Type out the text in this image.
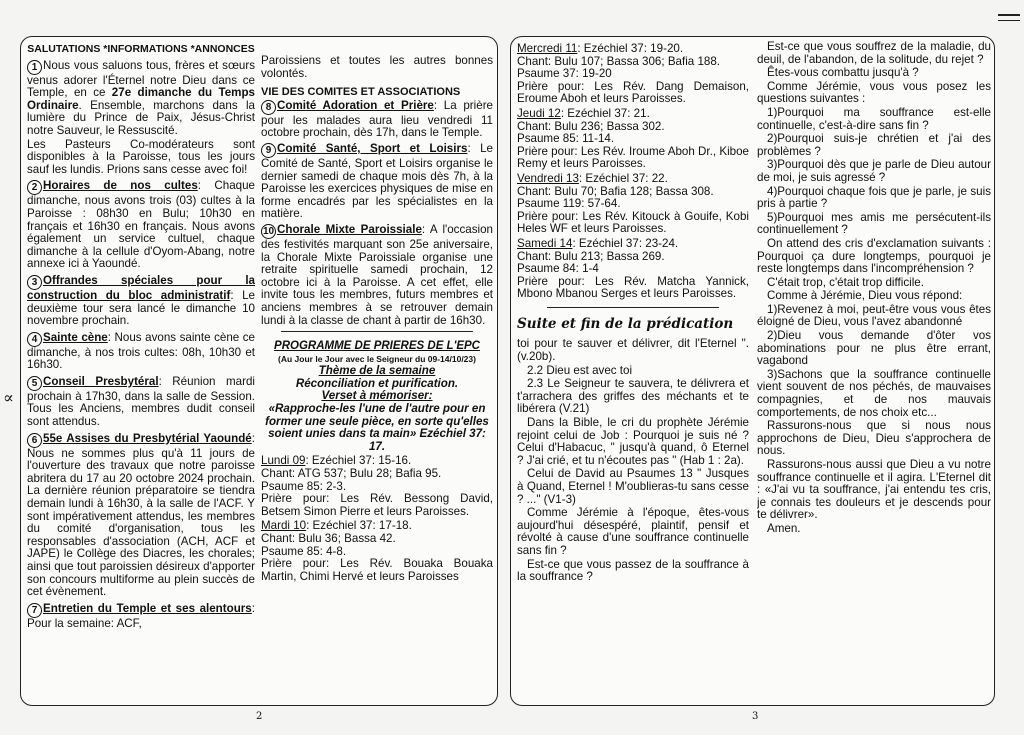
∝
SALUTATIONS *INFORMATIONS *ANNONCES

1 Nous vous saluons tous, frères et sœurs venus adorer l'Éternel notre Dieu dans ce Temple, en ce 27e dimanche du Temps Ordinaire. Ensemble, marchons dans la lumière du Prince de Paix, Jésus-Christ notre Sauveur, le Ressuscité.

Les Pasteurs Co-modérateurs sont disponibles à la Paroisse, tous les jours sauf les lundis. Prions sans cesse avec foi!

2 Horaires de nos cultes: Chaque dimanche, nous avons trois (03) cultes à la Paroisse : 08h30 en Bulu; 10h30 en français et 16h30 en français. Nous avons également un service cultuel, chaque dimanche à la cellule d'Oyom-Abang, notre annexe ici à Yaoundé.

3 Offrandes spéciales pour la construction du bloc administratif: Le deuxième tour sera lancé le dimanche 10 novembre prochain.

4 Sainte cène: Nous avons sainte cène ce dimanche, à nos trois cultes: 08h, 10h30 et 16h30.

5 Conseil Presbytéral: Réunion mardi prochain à 17h30, dans la salle de Session. Tous les Anciens, membres dudit conseil sont attendus.

6 55e Assises du Presbytérial Yaoundé: Nous ne sommes plus qu'à 11 jours de l'ouverture des travaux que notre paroisse abritera du 17 au 20 octobre 2024 prochain. La dernière réunion préparatoire se tiendra demain lundi à 16h30, à la salle de l'ACF. Y sont impérativement attendus, les membres du comité d'organisation, tous les responsables d'association (ACH, ACF et JAPE) le Collège des Diacres, les chorales; ainsi que tout paroissien désireux d'apporter son concours multiforme au plein succès de cet évènement.

7 Entretien du Temple et ses alentours: Pour la semaine: ACF,

Paroissiens et toutes les autres bonnes volontés.

VIE DES COMITES ET ASSOCIATIONS

8 Comité Adoration et Prière: La prière pour les malades aura lieu vendredi 11 octobre prochain, dès 17h, dans le Temple.

9 Comité Santé, Sport et Loisirs: Le Comité de Santé, Sport et Loisirs organise le dernier samedi de chaque mois dès 7h, à la Paroisse les exercices physiques de mise en forme encadrés par les spécialistes en la matière.

10 Chorale Mixte Paroissiale: A l'occasion des festivités marquant son 25e aniversaire, la Chorale Mixte Paroissiale organise une retraite spirituelle samedi prochain, 12 octobre ici à la Paroisse. A cet effet, elle invite tous les membres, futurs membres et anciens membres à se retrouver demain lundi à la classe de chant à partir de 16h30.

PROGRAMME DE PRIERES DE L'EPC
(Au Jour le Jour avec le Seigneur du 09-14/10/23)
Thème de la semaine
Réconciliation et purification.
Verset à mémoriser:
«Rapproche-les l'une de l'autre pour en former une seule pièce, en sorte qu'elles soient unies dans ta main» Ezéchiel 37: 17.
Lundi 09: Ezéchiel 37: 15-16.
Chant: ATG 537; Bulu 28; Bafia 95.
Psaume 85: 2-3.

Prière pour: Les Rév. Bessong David, Betsem Simon Pierre et leurs Paroisses.

Mardi 10: Ezéchiel 37: 17-18.
Chant: Bulu 36; Bassa 42.
Psaume 85: 4-8.

Prière pour: Les Rév. Bouaka Bouaka Martin, Chimi Hervé et leurs Paroisses

2
Mercredi 11: Ezéchiel 37: 19-20.
Chant: Bulu 107; Bassa 306; Bafia 188.
Psaume 37: 19-20

Prière pour: Les Rév. Dang Demaison, Eroume Aboh et leurs Paroisses.

Jeudi 12: Ezéchiel 37: 21.
Chant: Bulu 236; Bassa 302.
Psaume 85: 11-14.

Prière pour: Les Rév. Iroume Aboh Dr., Kiboe Remy et leurs Paroisses.

Vendredi 13: Ezéchiel 37: 22.
Chant: Bulu 70; Bafia 128; Bassa 308.
Psaume 119: 57-64.

Prière pour: Les Rév. Kitouck à Gouife, Kobi Heles WF et leurs Paroisses.

Samedi 14: Ezéchiel 37: 23-24.
Chant: Bulu 213; Bassa 269.
Psaume 84: 1-4

Prière pour: Les Rév. Matcha Yannick, Mbono Mbanou Serges et leurs Paroisses.

Suite et fin de la prédication

toi pour te sauver et délivrer, dit l'Eternel ". (v.20b).

2.2 Dieu est avec toi

2.3 Le Seigneur te sauvera, te délivrera et t'arrachera des griffes des méchants et te libérera (V.21)

Dans la Bible, le cri du prophète Jérémie rejoint celui de Job : Pourquoi je suis né ? Celui d'Habacuc, " jusqu'à quand, ô Eternel ? J'ai crié, et tu n'écoutes pas " (Hab 1 : 2a).

Celui de David au Psaumes 13 " Jusques à Quand, Eternel ! M'oublieras-tu sans cesse ? ..." (V1-3)

Comme Jérémie à l'époque, êtes-vous aujourd'hui désespéré, plaintif, pensif et révolté à cause d'une souffrance continuelle sans fin ?

Est-ce que vous passez de la souffrance à la souffrance ?

Est-ce que vous souffrez de la maladie, du deuil, de l'abandon, de la solitude, du rejet ?

Êtes-vous combattu jusqu'à ?

Comme Jérémie, vous vous posez les questions suivantes :

1)Pourquoi ma souffrance est-elle continuelle, c'est-à-dire sans fin ?

2)Pourquoi suis-je chrétien et j'ai des problèmes ?

3)Pourquoi dès que je parle de Dieu autour de moi, je suis agressé ?

4)Pourquoi chaque fois que je parle, je suis pris à partie ?

5)Pourquoi mes amis me persécutent-ils continuellement ?

On attend des cris d'exclamation suivants : Pourquoi ça dure longtemps, pourquoi je reste longtemps dans l'incompréhension ?

C'était trop, c'était trop difficile.

Comme à Jérémie, Dieu vous répond:

1)Revenez à moi, peut-être vous vous êtes éloigné de Dieu, vous l'avez abandonné

2)Dieu vous demande d'ôter vos abominations pour ne plus être errant, vagabond

3)Sachons que la souffrance continuelle vient souvent de nos péchés, de mauvaises compagnies, et de nos mauvais comportements, de nos choix etc...

Rassurons-nous que si nous nous approchons de Dieu, Dieu s'approchera de nous.

Rassurons-nous aussi que Dieu a vu notre souffrance continuelle et il agira. L'Eternel dit : «J'ai vu ta souffrance, j'ai entendu tes cris, je connais tes douleurs et je descends pour te délivrer».

Amen.

3
